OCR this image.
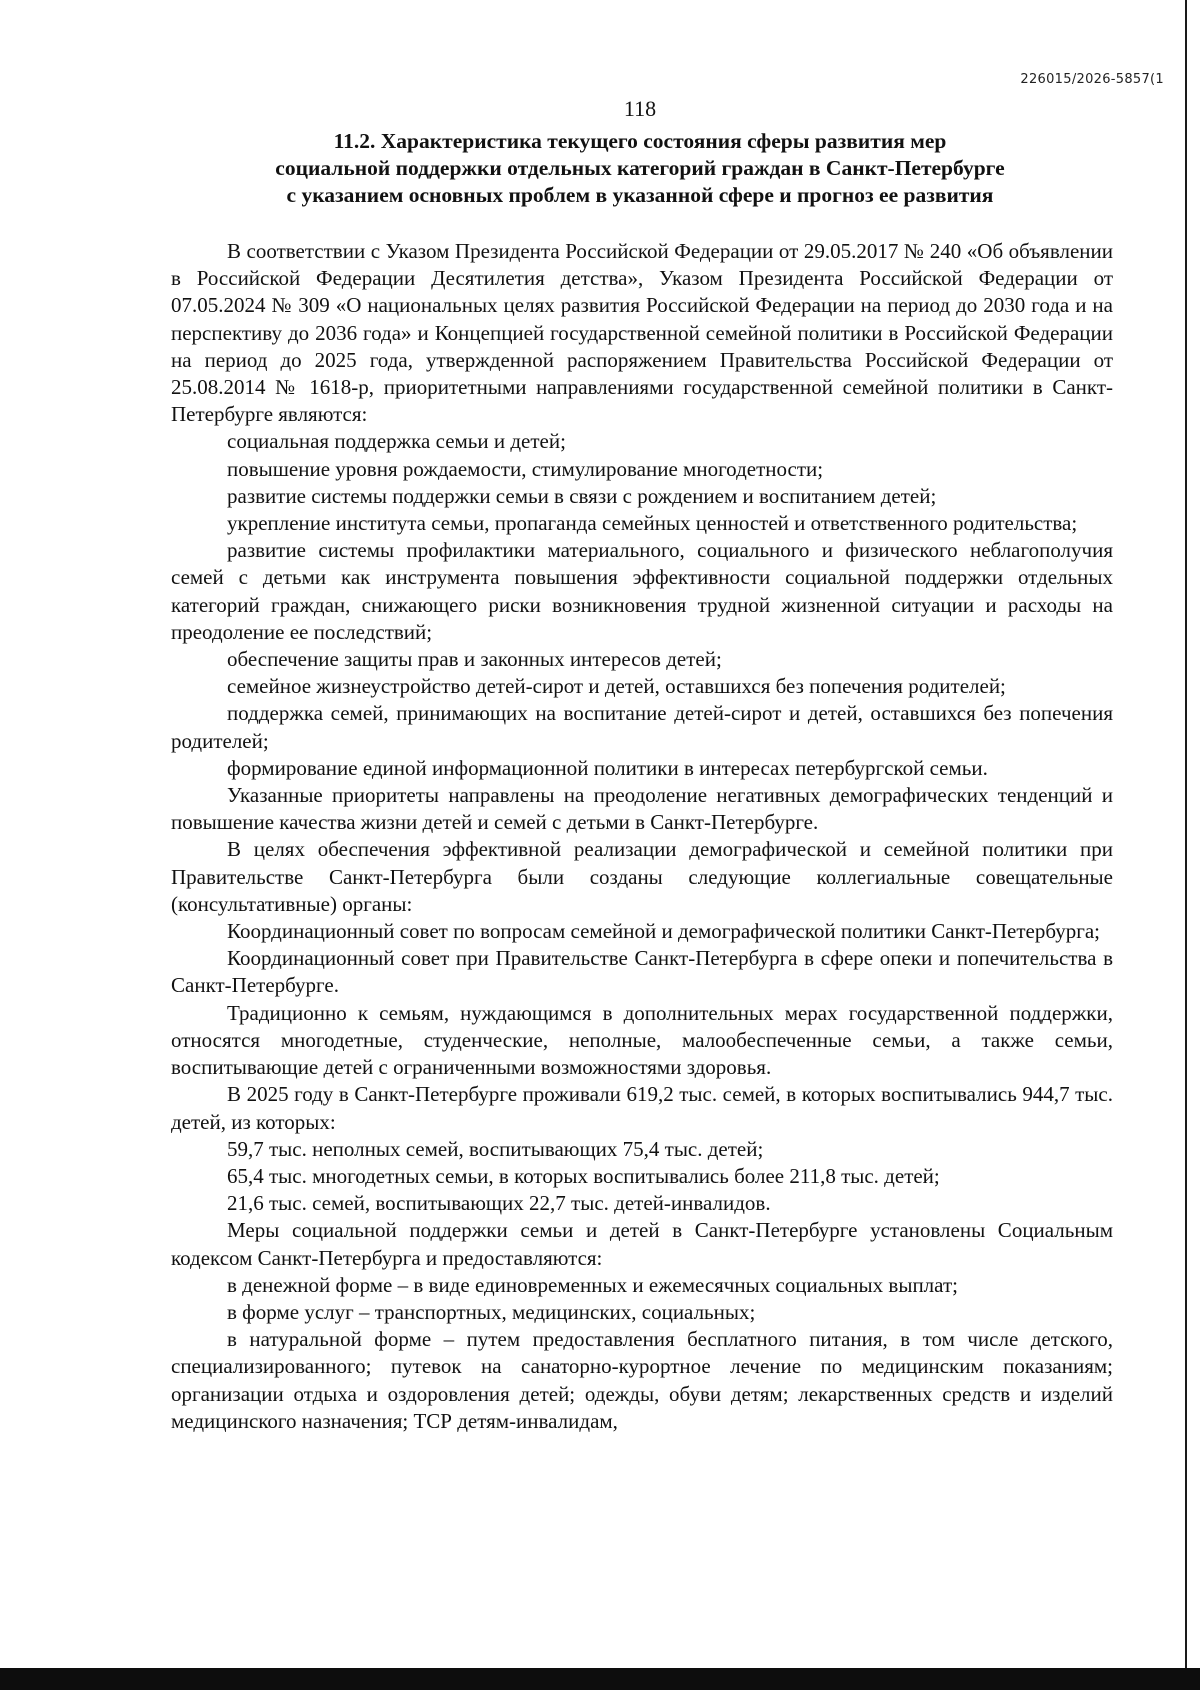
226015/2026-5857(1
118
11.2. Характеристика текущего состояния сферы развития мер
социальной поддержки отдельных категорий граждан в Санкт-Петербурге
с указанием основных проблем в указанной сфере и прогноз ее развития

В соответствии с Указом Президента Российской Федерации от 29.05.2017 № 240 «Об объявлении в Российской Федерации Десятилетия детства», Указом Президента Российской Федерации от 07.05.2024 № 309 «О национальных целях развития Российской Федерации на период до 2030 года и на перспективу до 2036 года» и Концепцией государственной семейной политики в Российской Федерации на период до 2025 года, утвержденной распоряжением Правительства Российской Федерации от 25.08.2014 № 1618-р, приоритетными направлениями государственной семейной политики в Санкт-Петербурге являются:

социальная поддержка семьи и детей;

повышение уровня рождаемости, стимулирование многодетности;

развитие системы поддержки семьи в связи с рождением и воспитанием детей;

укрепление института семьи, пропаганда семейных ценностей и ответственного родительства;

развитие системы профилактики материального, социального и физического неблагополучия семей с детьми как инструмента повышения эффективности социальной поддержки отдельных категорий граждан, снижающего риски возникновения трудной жизненной ситуации и расходы на преодоление ее последствий;

обеспечение защиты прав и законных интересов детей;

семейное жизнеустройство детей-сирот и детей, оставшихся без попечения родителей;

поддержка семей, принимающих на воспитание детей-сирот и детей, оставшихся без попечения родителей;

формирование единой информационной политики в интересах петербургской семьи.

Указанные приоритеты направлены на преодоление негативных демографических тенденций и повышение качества жизни детей и семей с детьми в Санкт-Петербурге.

В целях обеспечения эффективной реализации демографической и семейной политики при Правительстве Санкт-Петербурга были созданы следующие коллегиальные совещательные (консультативные) органы:

Координационный совет по вопросам семейной и демографической политики Санкт-Петербурга;

Координационный совет при Правительстве Санкт-Петербурга в сфере опеки и попечительства в Санкт-Петербурге.

Традиционно к семьям, нуждающимся в дополнительных мерах государственной поддержки, относятся многодетные, студенческие, неполные, малообеспеченные семьи, а также семьи, воспитывающие детей с ограниченными возможностями здоровья.

В 2025 году в Санкт-Петербурге проживали 619,2 тыс. семей, в которых воспитывались 944,7 тыс. детей, из которых:

59,7 тыс. неполных семей, воспитывающих 75,4 тыс. детей;

65,4 тыс. многодетных семьи, в которых воспитывались более 211,8 тыс. детей;

21,6 тыс. семей, воспитывающих 22,7 тыс. детей-инвалидов.

Меры социальной поддержки семьи и детей в Санкт-Петербурге установлены Социальным кодексом Санкт-Петербурга и предоставляются:

в денежной форме – в виде единовременных и ежемесячных социальных выплат;

в форме услуг – транспортных, медицинских, социальных;

в натуральной форме – путем предоставления бесплатного питания, в том числе детского, специализированного; путевок на санаторно-курортное лечение по медицинским показаниям; организации отдыха и оздоровления детей; одежды, обуви детям; лекарственных средств и изделий медицинского назначения; ТСР детям-инвалидам,
